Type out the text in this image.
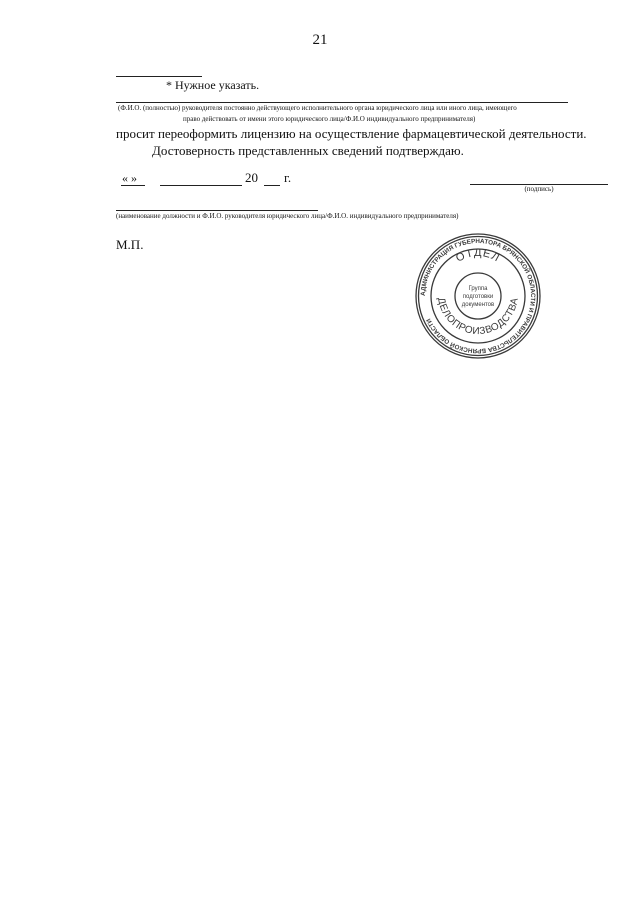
21
* Нужное указать.
(Ф.И.О. (полностью) руководителя постоянно действующего исполнительного органа юридического лица или иного лица, имеющего
право действовать от имени этого юридического лица/Ф.И.О индивидуального предпринимателя)
просит переоформить лицензию на осуществление фармацевтической деятельности.
Достоверность представленных сведений подтверждаю.
« »	20 г.
(подпись)
(наименование должности и Ф.И.О. руководителя юридического лица/Ф.И.О. индивидуального предпринимателя)
М.П.
АДМИНИСТРАЦИЯ ГУБЕРНАТОРА БРЯНСКОЙ ОБЛАСТИ И ПРАВИТЕЛЬСТВА БРЯНСКОЙ ОБЛАСТИ
ОТДЕЛ
ДЕЛОПРОИЗВОДСТВА
Группа
подготовки
документов
